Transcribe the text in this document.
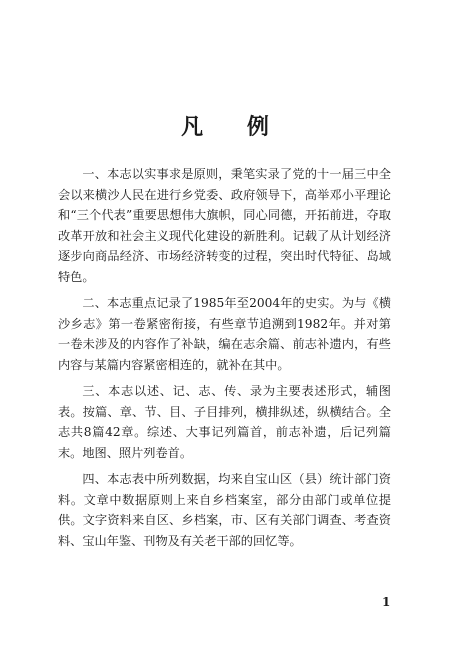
凡 例

一、本志以实事求是原则，秉笔实录了党的十一届三中全会以来横沙人民在进行乡党委、政府领导下，高举邓小平理论和“三个代表”重要思想伟大旗帜，同心同德，开拓前进，夺取改革开放和社会主义现代化建设的新胜利。记载了从计划经济逐步向商品经济、市场经济转变的过程，突出时代特征、岛域特色。

二、本志重点记录了1985年至2004年的史实。为与《横沙乡志》第一卷紧密衔接，有些章节追溯到1982年。并对第一卷未涉及的内容作了补缺，编在志余篇、前志补遗内，有些内容与某篇内容紧密相连的，就补在其中。

三、本志以述、记、志、传、录为主要表述形式，辅图表。按篇、章、节、目、子目排列，横排纵述，纵横结合。全志共8篇42章。综述、大事记列篇首，前志补遗，后记列篇末。地图、照片列卷首。

四、本志表中所列数据，均来自宝山区（县）统计部门资料。文章中数据原则上来自乡档案室，部分由部门或单位提供。文字资料来自区、乡档案，市、区有关部门调查、考查资料、宝山年鉴、刊物及有关老干部的回忆等。

1
